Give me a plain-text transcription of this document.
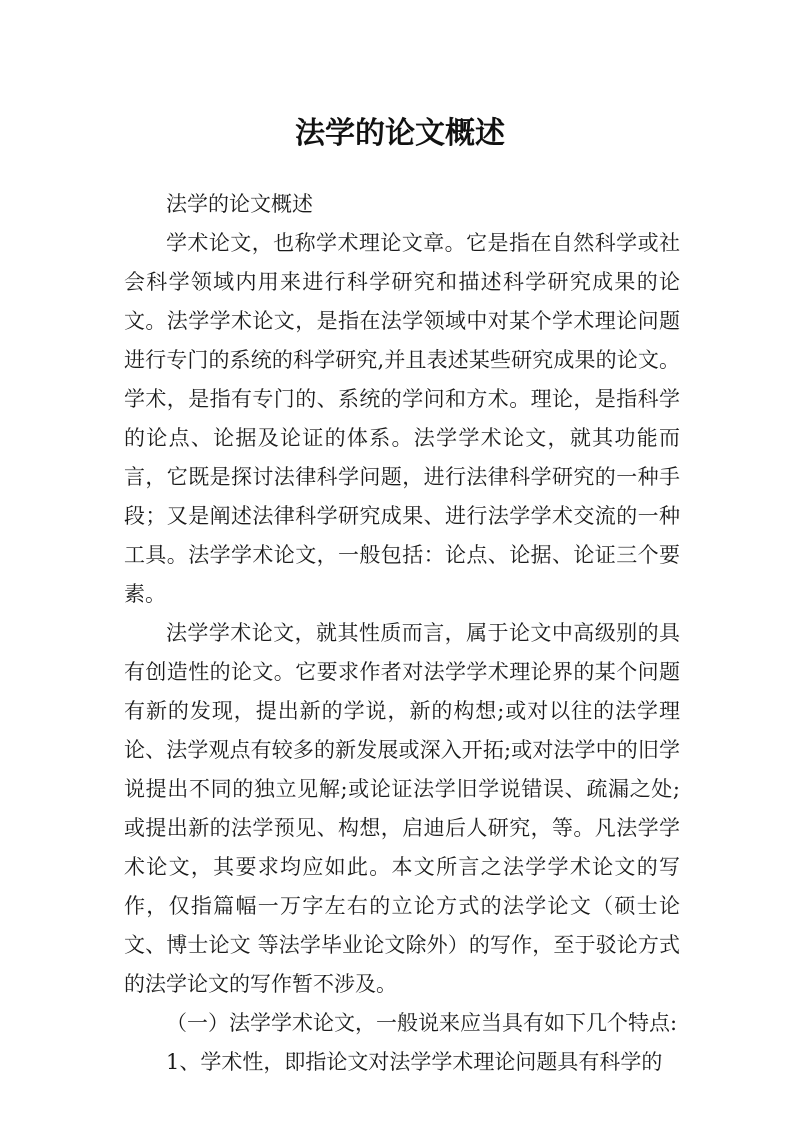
法学的论文概述

法学的论文概述

学术论文，也称学术理论文章。它是指在自然科学或社会科学领域内用来进行科学研究和描述科学研究成果的论文。法学学术论文，是指在法学领域中对某个学术理论问题进行专门的系统的科学研究,并且表述某些研究成果的论文。学术，是指有专门的、系统的学问和方术。理论，是指科学的论点、论据及论证的体系。法学学术论文，就其功能而言，它既是探讨法律科学问题，进行法律科学研究的一种手段；又是阐述法律科学研究成果、进行法学学术交流的一种工具。法学学术论文，一般包括：论点、论据、论证三个要素。

法学学术论文，就其性质而言，属于论文中高级别的具有创造性的论文。它要求作者对法学学术理论界的某个问题有新的发现，提出新的学说，新的构想;或对以往的法学理论、法学观点有较多的新发展或深入开拓;或对法学中的旧学说提出不同的独立见解;或论证法学旧学说错误、疏漏之处;或提出新的法学预见、构想，启迪后人研究，等。凡法学学术论文，其要求均应如此。本文所言之法学学术论文的写作，仅指篇幅一万字左右的立论方式的法学论文（硕士论文、博士论文 等法学毕业论文除外）的写作，至于驳论方式的法学论文的写作暂不涉及。

（一）法学学术论文，一般说来应当具有如下几个特点:

1、学术性，即指论文对法学学术理论问题具有科学的
